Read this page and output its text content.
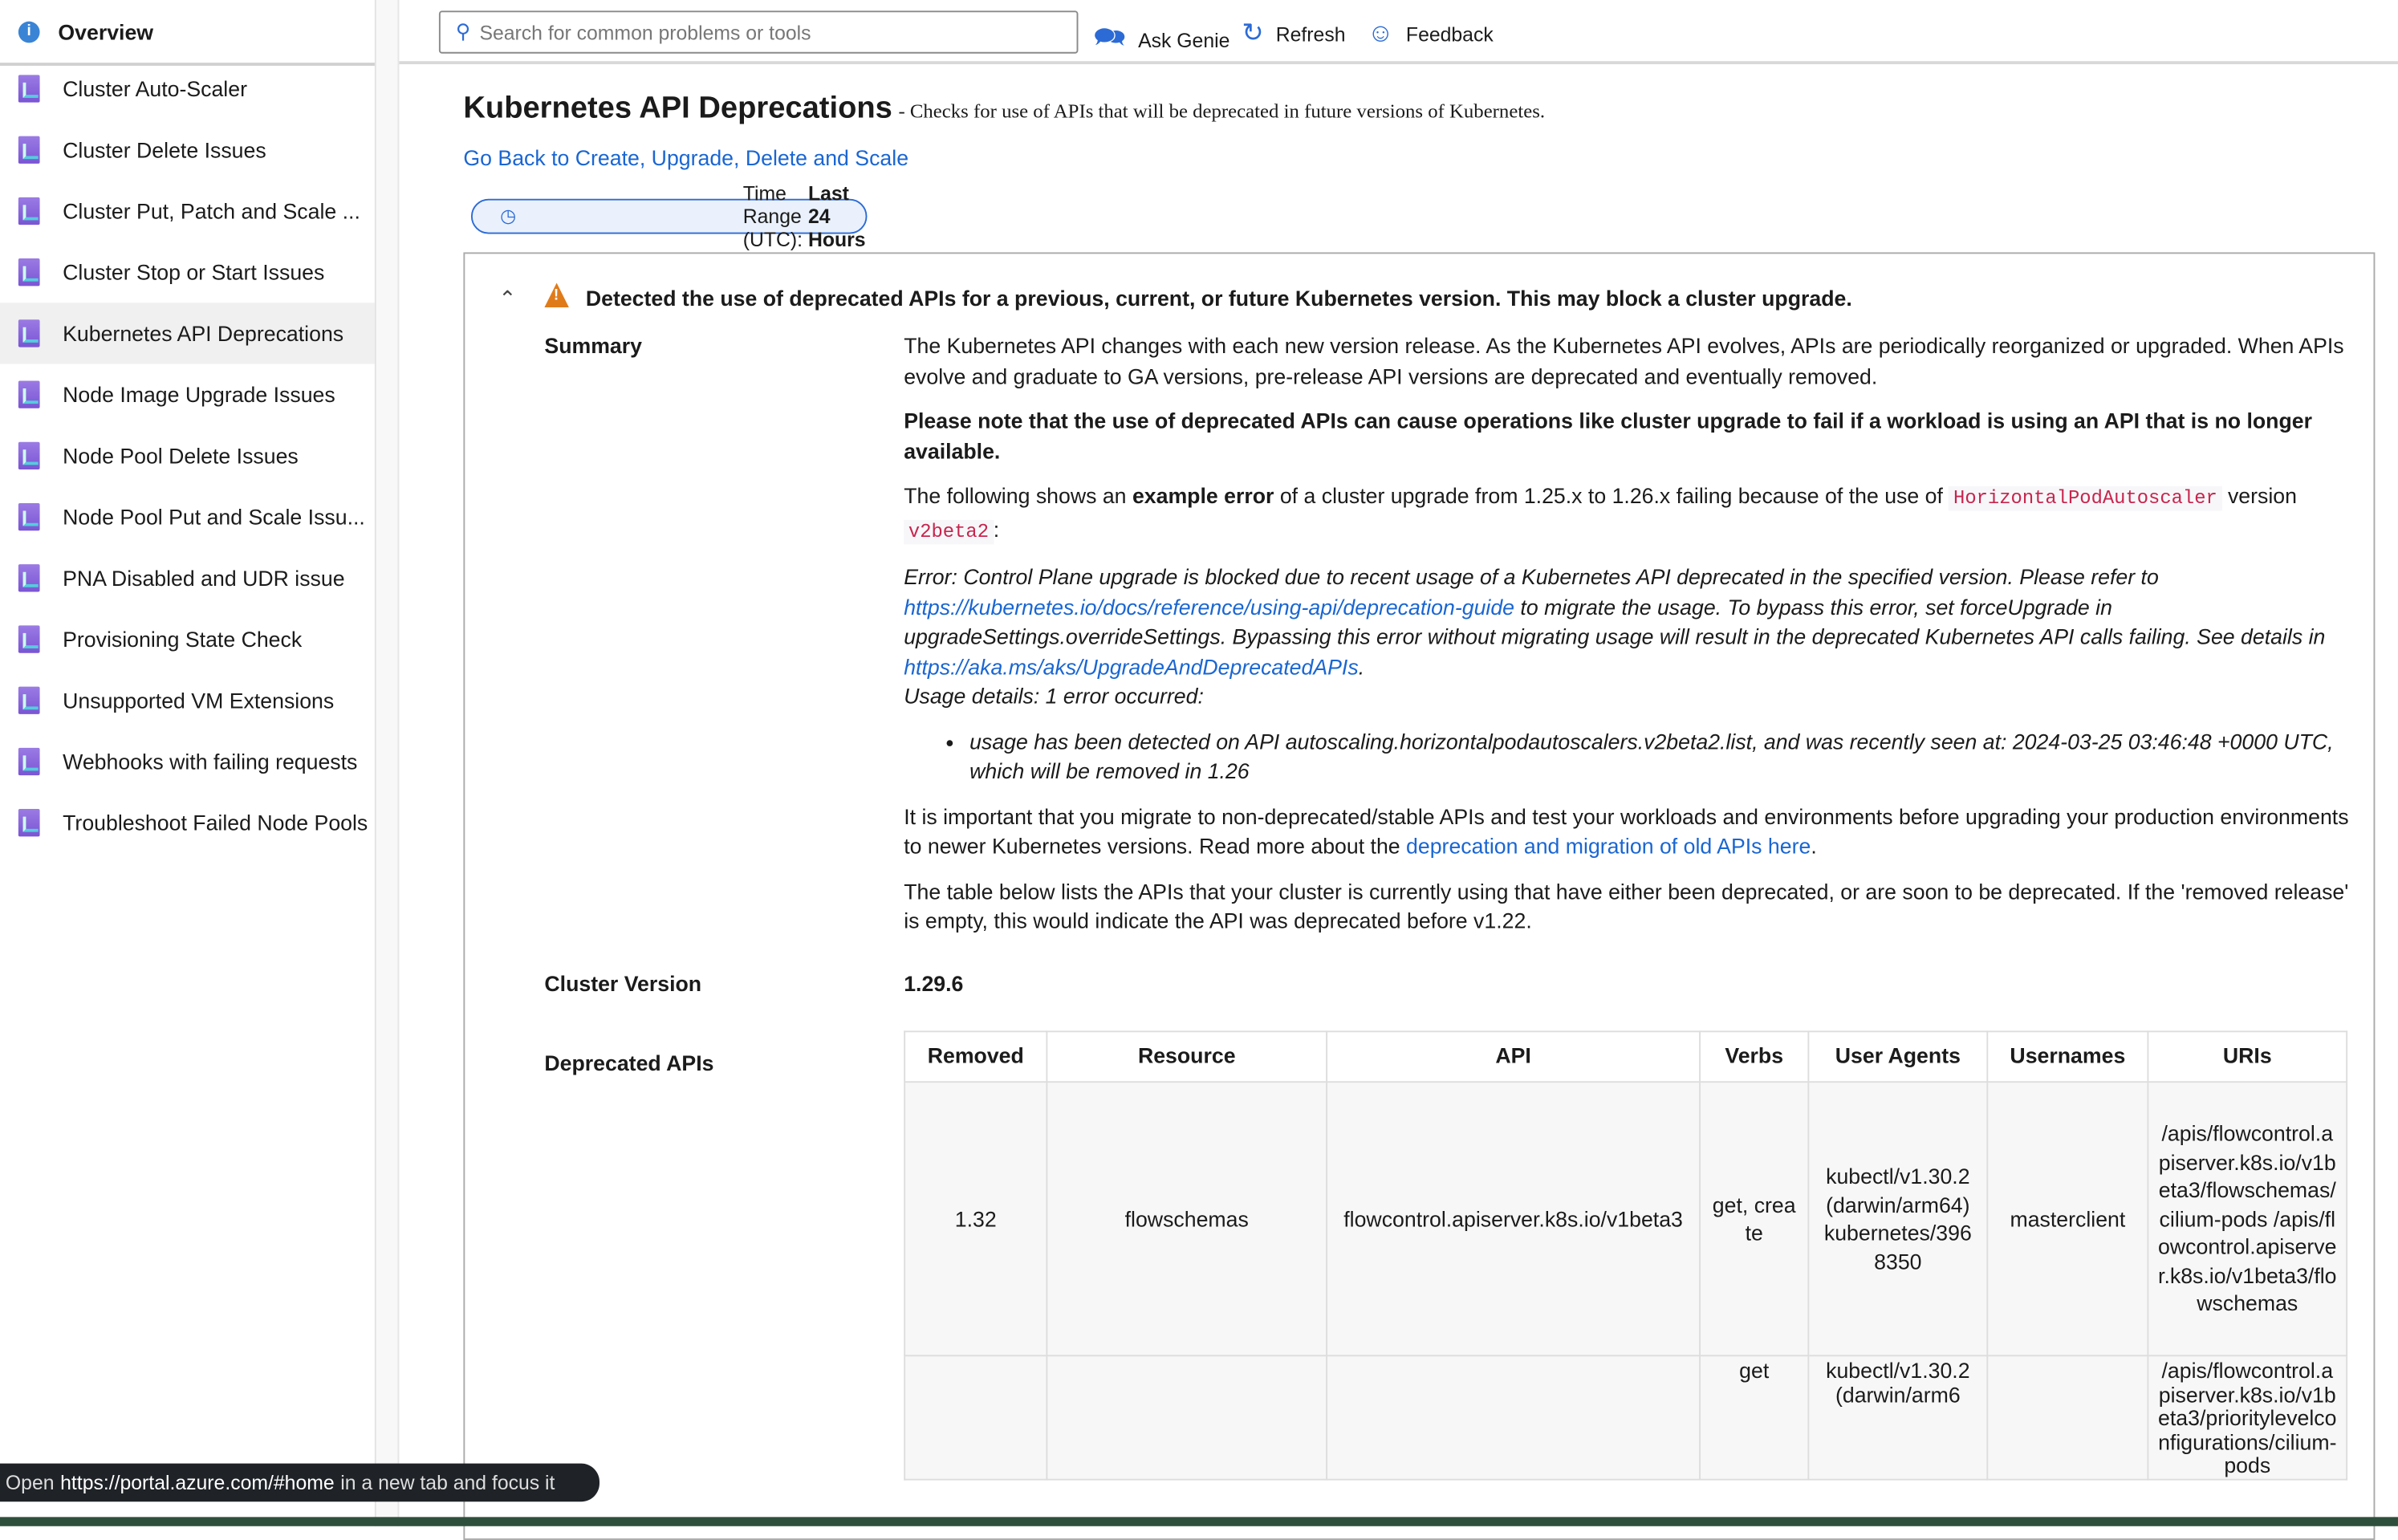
i	Overview
Cluster Auto-Scaler
Cluster Delete Issues
Cluster Put, Patch and Scale ...
Cluster Stop or Start Issues
Kubernetes API Deprecations
Node Image Upgrade Issues
Node Pool Delete Issues
Node Pool Put and Scale Issu...
PNA Disabled and UDR issue
Provisioning State Check
Unsupported VM Extensions
Webhooks with failing requests
Troubleshoot Failed Node Pools
⚲ Search for common problems or tools	🗪 Ask Genie ↻ Refresh ☺ Feedback
Kubernetes API Deprecations - Checks for use of APIs that will be deprecated in future versions of Kubernetes.
Go Back to Create, Upgrade, Delete and Scale
◷
Time Range (UTC):

Last 24 Hours
⌃	! Detected the use of deprecated APIs for a previous, current, or future Kubernetes version. This may block a cluster upgrade.
Summary	The Kubernetes API changes with each new version release. As the Kubernetes API evolves, APIs are periodically reorganized or upgraded. When APIs evolve and graduate to GA versions, pre-release API versions are deprecated and eventually removed.

Please note that the use of deprecated APIs can cause operations like cluster upgrade to fail if a workload is using an API that is no longer available.

The following shows an example error of a cluster upgrade from 1.25.x to 1.26.x failing because of the use of HorizontalPodAutoscaler version v2beta2 :

Error: Control Plane upgrade is blocked due to recent usage of a Kubernetes API deprecated in the specified version. Please refer to https://kubernetes.io/docs/reference/using-api/deprecation-guide to migrate the usage. To bypass this error, set forceUpgrade in upgradeSettings.overrideSettings. Bypassing this error without migrating usage will result in the deprecated Kubernetes API calls failing. See details in https://aka.ms/aks/UpgradeAndDeprecatedAPIs.
Usage details: 1 error occurred:

• usage has been detected on API autoscaling.horizontalpodautoscalers.v2beta2.list, and was recently seen at: 2024-03-25 03:46:48 +0000 UTC, which will be removed in 1.26

It is important that you migrate to non-deprecated/stable APIs and test your workloads and environments before upgrading your production environments to newer Kubernetes versions. Read more about the deprecation and migration of old APIs here.

The table below lists the APIs that your cluster is currently using that have either been deprecated, or are soon to be deprecated. If the 'removed release' is empty, this would indicate the API was deprecated before v1.22.

Cluster Version	1.29.6
Deprecated APIs	Removed	Resource	API	Verbs	User Agents	Usernames	URIs
1.32	flowschemas	flowcontrol.apiserver.k8s.io/v1beta3	get, create	kubectl/v1.30.2 (darwin/arm64) kubernetes/3968350	masterclient	/apis/flowcontrol.apiserver.k8s.io/v1beta3/flowschemas/cilium-pods /apis/flowcontrol.apiserver.k8s.io/v1beta3/flowschemas
			get	kubectl/v1.30.2 (darwin/arm6		/apis/flowcontrol.apiserver.k8s.io/v1beta3/prioritylevelconfigurations/cilium-pods

Open https://portal.azure.com/#home in a new tab and focus it
